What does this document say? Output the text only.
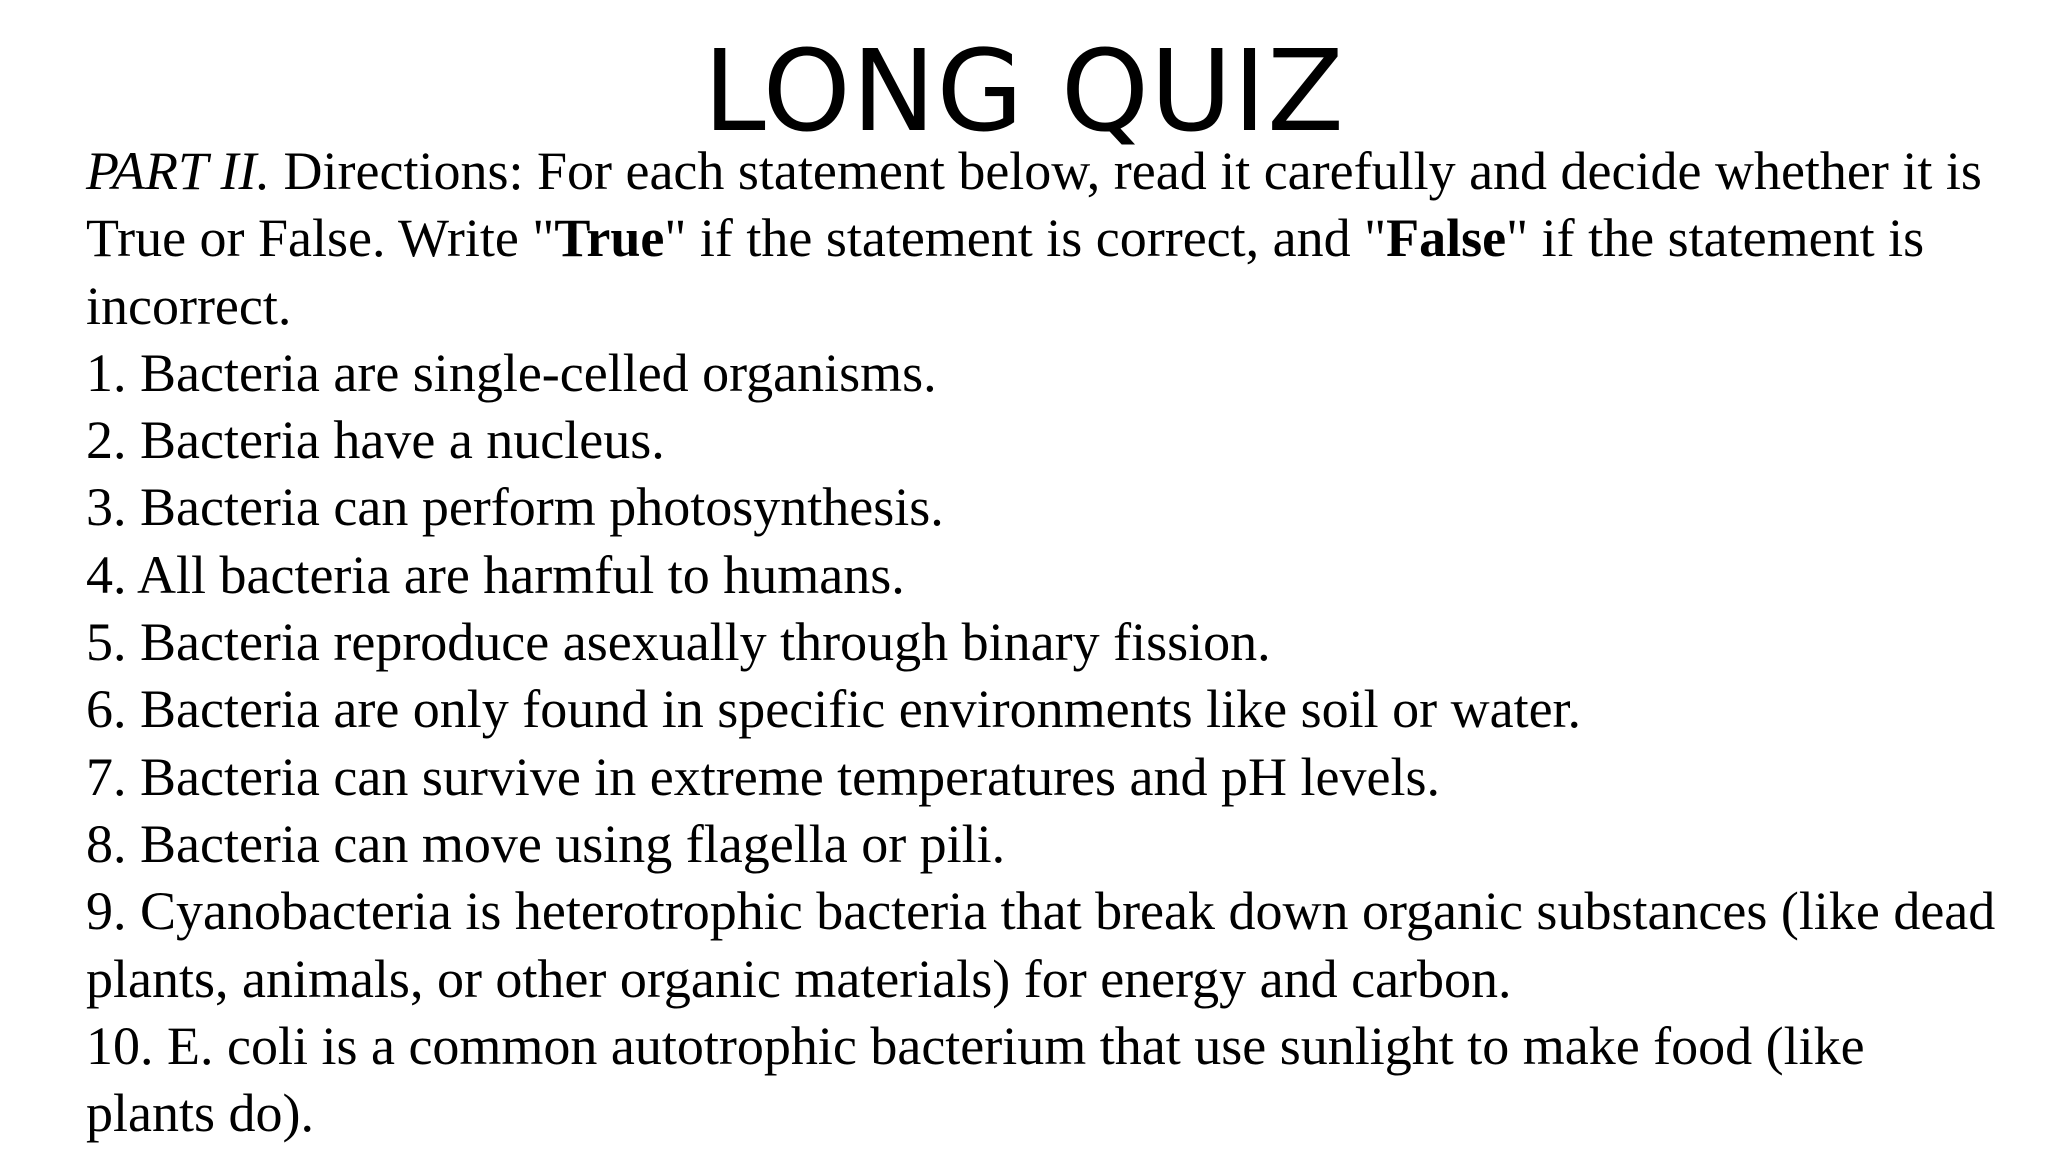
LONG QUIZ

PART II. Directions: For each statement below, read it carefully and decide whether it is True or False. Write "True" if the statement is correct, and "False" if the statement is incorrect.

1. Bacteria are single-celled organisms.

2. Bacteria have a nucleus.

3. Bacteria can perform photosynthesis.

4. All bacteria are harmful to humans.

5. Bacteria reproduce asexually through binary fission.

6. Bacteria are only found in specific environments like soil or water.

7. Bacteria can survive in extreme temperatures and pH levels.

8. Bacteria can move using flagella or pili.

9. Cyanobacteria is heterotrophic bacteria that break down organic substances (like dead plants, animals, or other organic materials) for energy and carbon.

10. E. coli is a common autotrophic bacterium that use sunlight to make food (like plants do).
